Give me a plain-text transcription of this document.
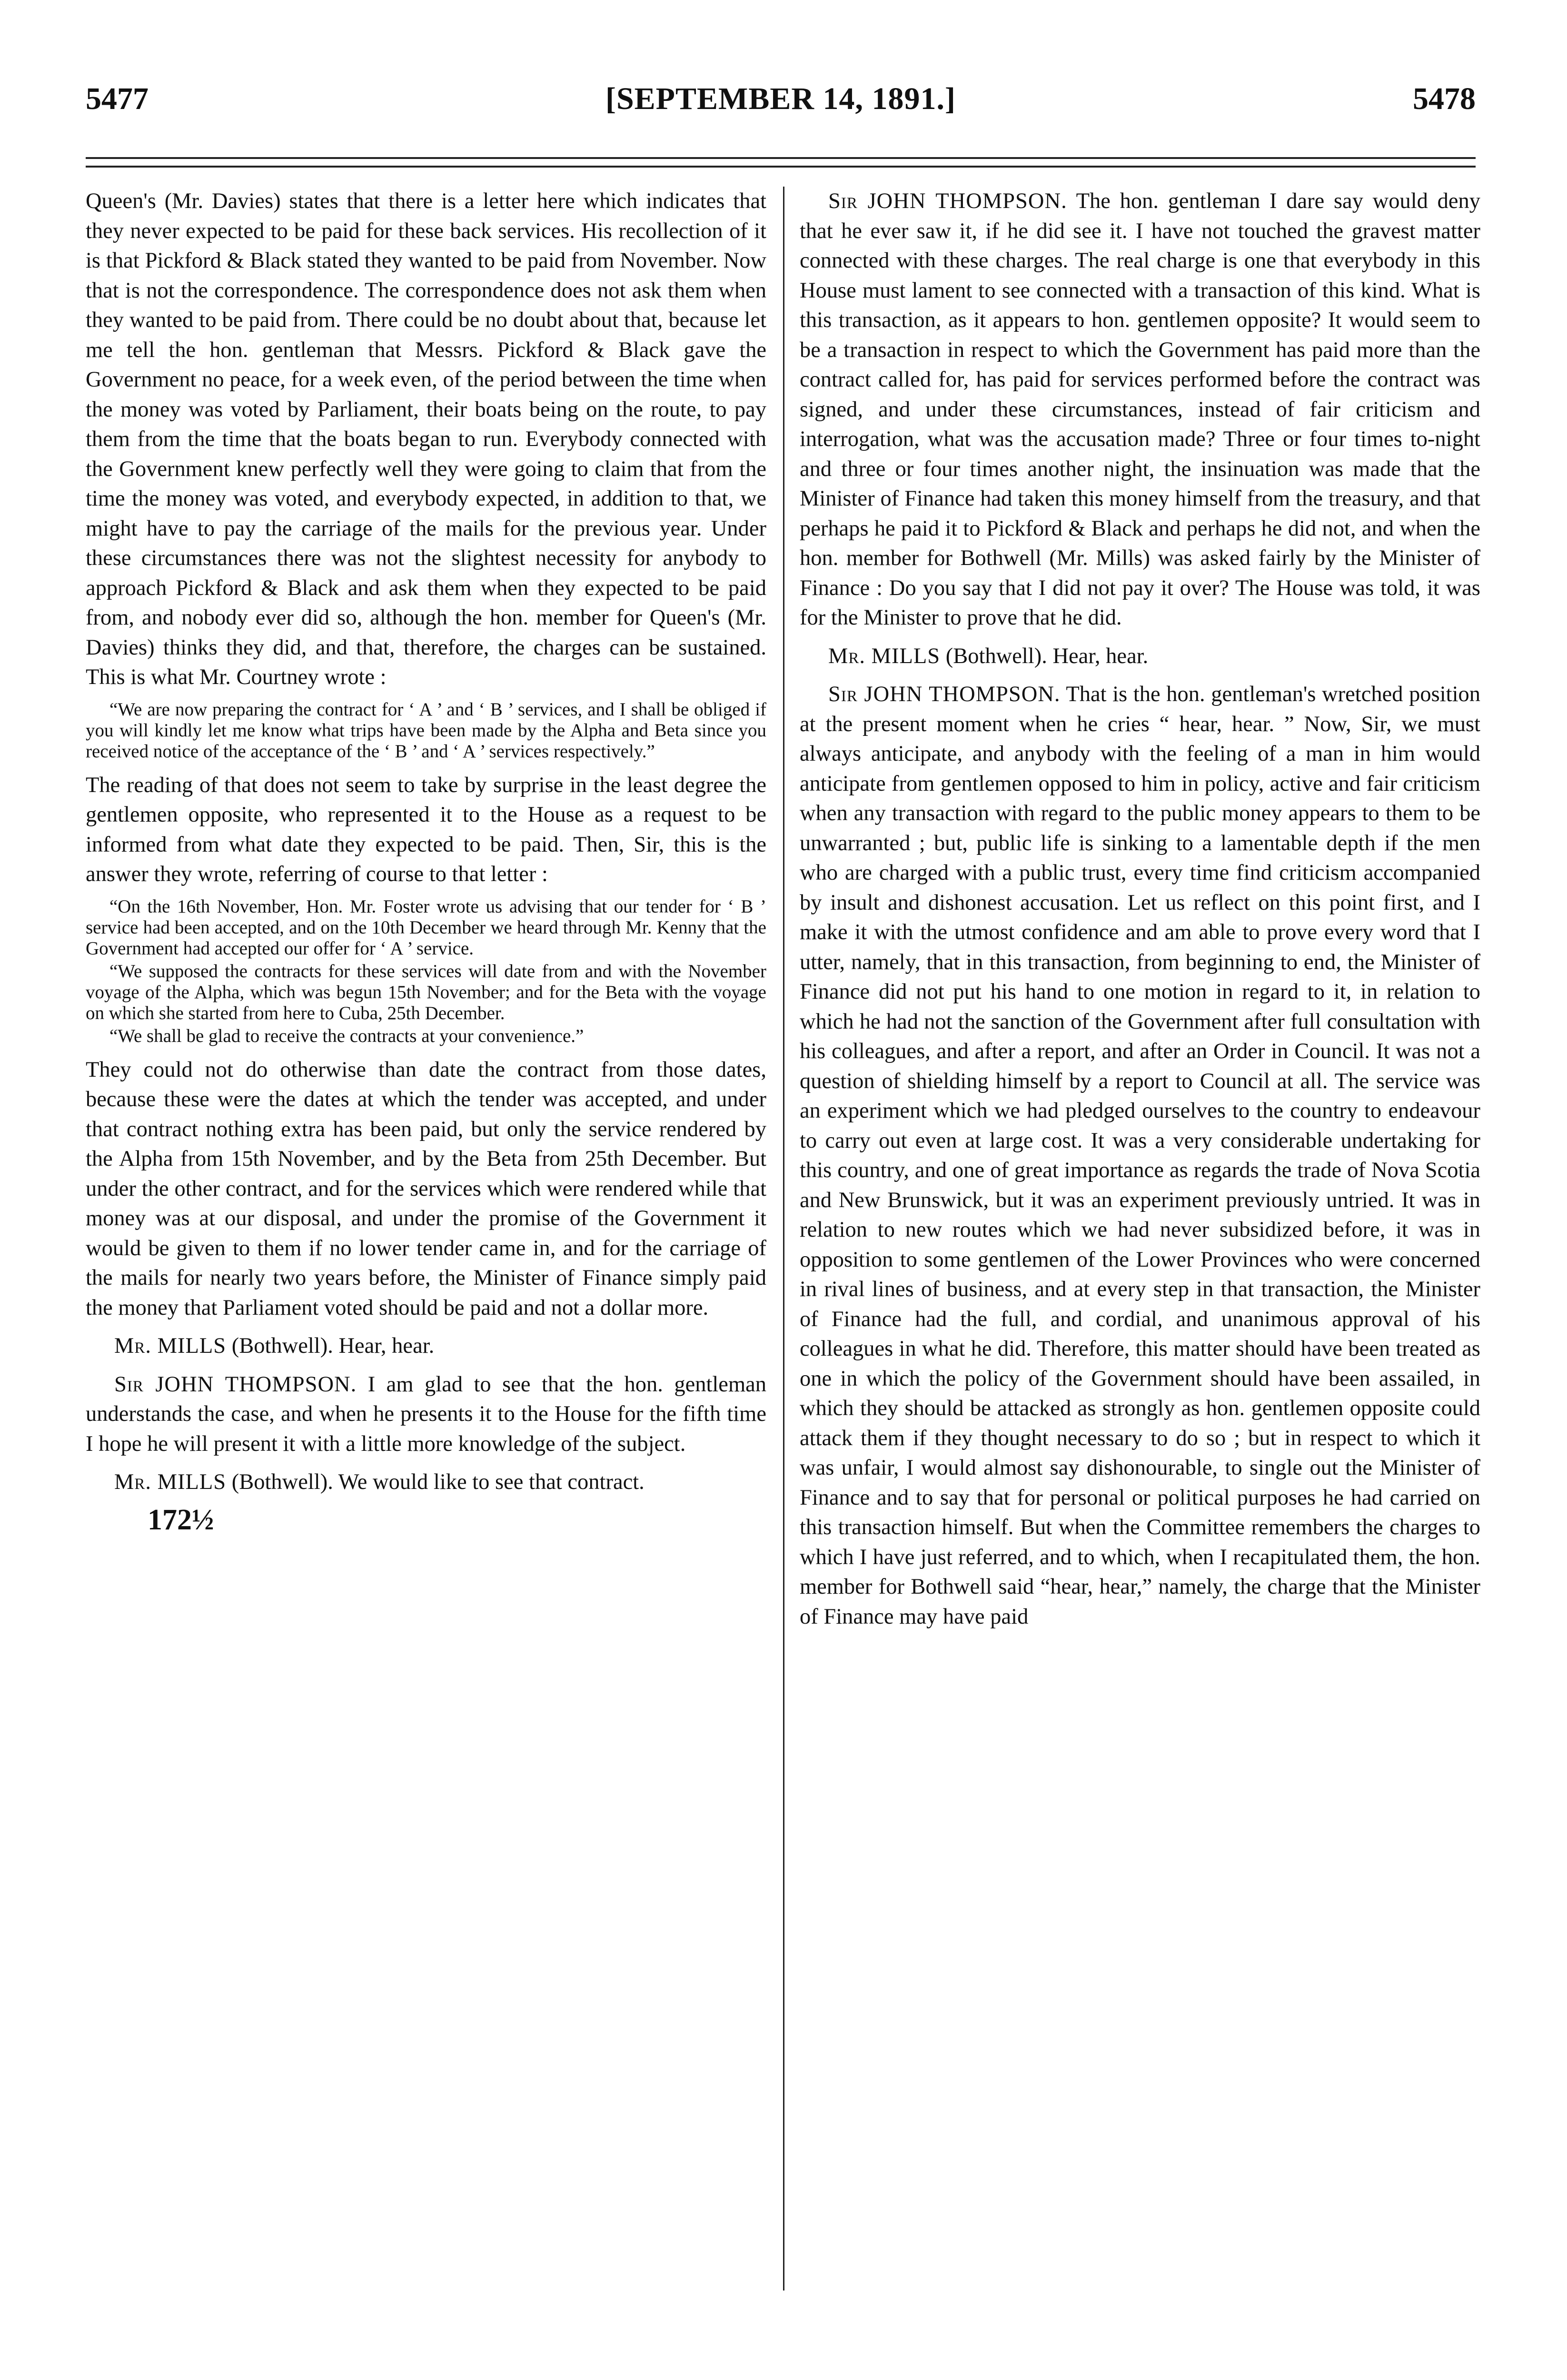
5477	[SEPTEMBER 14, 1891.]	5478

Queen's (Mr. Davies) states that there is a letter here which indicates that they never expected to be paid for these back services. His recollection of it is that Pickford & Black stated they wanted to be paid from November. Now that is not the correspondence. The correspondence does not ask them when they wanted to be paid from. There could be no doubt about that, because let me tell the hon. gentleman that Messrs. Pickford & Black gave the Government no peace, for a week even, of the period between the time when the money was voted by Parliament, their boats being on the route, to pay them from the time that the boats began to run. Everybody connected with the Government knew perfectly well they were going to claim that from the time the money was voted, and everybody expected, in addition to that, we might have to pay the carriage of the mails for the previous year. Under these circumstances there was not the slightest necessity for anybody to approach Pickford & Black and ask them when they expected to be paid from, and nobody ever did so, although the hon. member for Queen's (Mr. Davies) thinks they did, and that, therefore, the charges can be sustained. This is what Mr. Courtney wrote :

“We are now preparing the contract for ‘ A ’ and ‘ B ’ services, and I shall be obliged if you will kindly let me know what trips have been made by the Alpha and Beta since you received notice of the acceptance of the ‘ B ’ and ‘ A ’ services respectively.”

The reading of that does not seem to take by surprise in the least degree the gentlemen opposite, who represented it to the House as a request to be informed from what date they expected to be paid. Then, Sir, this is the answer they wrote, referring of course to that letter :

“On the 16th November, Hon. Mr. Foster wrote us advising that our tender for ‘ B ’ service had been accepted, and on the 10th December we heard through Mr. Kenny that the Government had accepted our offer for ‘ A ’ service.

“We supposed the contracts for these services will date from and with the November voyage of the Alpha, which was begun 15th November; and for the Beta with the voyage on which she started from here to Cuba, 25th December.

“We shall be glad to receive the contracts at your convenience.”

They could not do otherwise than date the contract from those dates, because these were the dates at which the tender was accepted, and under that contract nothing extra has been paid, but only the service rendered by the Alpha from 15th November, and by the Beta from 25th December. But under the other contract, and for the services which were rendered while that money was at our disposal, and under the promise of the Government it would be given to them if no lower tender came in, and for the carriage of the mails for nearly two years before, the Minister of Finance simply paid the money that Parliament voted should be paid and not a dollar more.

Mr. MILLS (Bothwell). Hear, hear.

Sir JOHN THOMPSON. I am glad to see that the hon. gentleman understands the case, and when he presents it to the House for the fifth time I hope he will present it with a little more knowledge of the subject.

Mr. MILLS (Bothwell). We would like to see that contract.

172½

Sir JOHN THOMPSON. The hon. gentleman I dare say would deny that he ever saw it, if he did see it. I have not touched the gravest matter connected with these charges. The real charge is one that everybody in this House must lament to see connected with a transaction of this kind. What is this transaction, as it appears to hon. gentlemen opposite? It would seem to be a transaction in respect to which the Government has paid more than the contract called for, has paid for services performed before the contract was signed, and under these circumstances, instead of fair criticism and interrogation, what was the accusation made? Three or four times to-night and three or four times another night, the insinuation was made that the Minister of Finance had taken this money himself from the treasury, and that perhaps he paid it to Pickford & Black and perhaps he did not, and when the hon. member for Bothwell (Mr. Mills) was asked fairly by the Minister of Finance : Do you say that I did not pay it over? The House was told, it was for the Minister to prove that he did.

Mr. MILLS (Bothwell). Hear, hear.

Sir JOHN THOMPSON. That is the hon. gentleman's wretched position at the present moment when he cries “ hear, hear. ” Now, Sir, we must always anticipate, and anybody with the feeling of a man in him would anticipate from gentlemen opposed to him in policy, active and fair criticism when any transaction with regard to the public money appears to them to be unwarranted ; but, public life is sinking to a lamentable depth if the men who are charged with a public trust, every time find criticism accompanied by insult and dishonest accusation. Let us reflect on this point first, and I make it with the utmost confidence and am able to prove every word that I utter, namely, that in this transaction, from beginning to end, the Minister of Finance did not put his hand to one motion in regard to it, in relation to which he had not the sanction of the Government after full consultation with his colleagues, and after a report, and after an Order in Council. It was not a question of shielding himself by a report to Council at all. The service was an experiment which we had pledged ourselves to the country to endeavour to carry out even at large cost. It was a very considerable undertaking for this country, and one of great importance as regards the trade of Nova Scotia and New Brunswick, but it was an experiment previously untried. It was in relation to new routes which we had never subsidized before, it was in opposition to some gentlemen of the Lower Provinces who were concerned in rival lines of business, and at every step in that transaction, the Minister of Finance had the full, and cordial, and unanimous approval of his colleagues in what he did. Therefore, this matter should have been treated as one in which the policy of the Government should have been assailed, in which they should be attacked as strongly as hon. gentlemen opposite could attack them if they thought necessary to do so ; but in respect to which it was unfair, I would almost say dishonourable, to single out the Minister of Finance and to say that for personal or political purposes he had carried on this transaction himself. But when the Committee remembers the charges to which I have just referred, and to which, when I recapitulated them, the hon. member for Bothwell said “hear, hear,” namely, the charge that the Minister of Finance may have paid
